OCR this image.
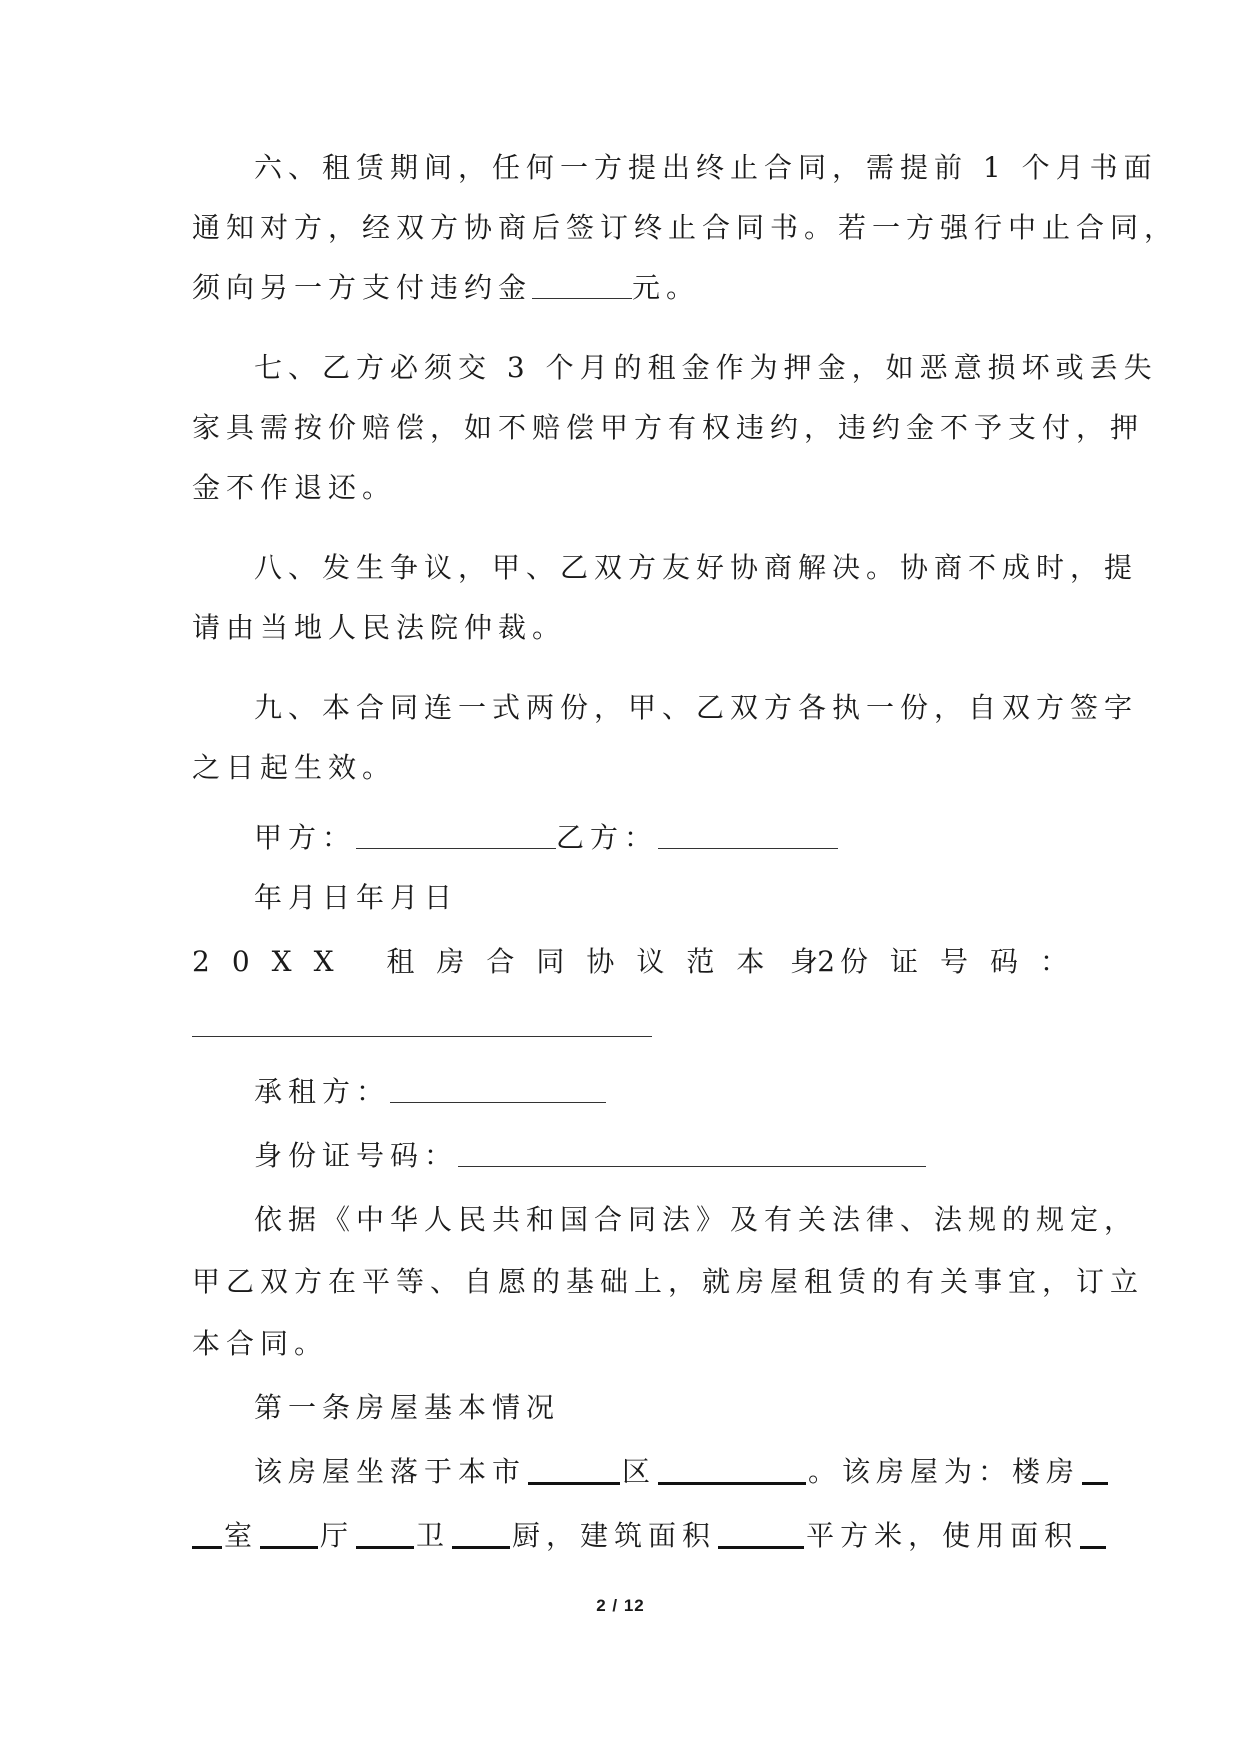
六、租赁期间，任何一方提出终止合同，需提前 1 个月书面
通知对方，经双方协商后签订终止合同书。若一方强行中止合同，
须向另一方支付违约金	元。
七、乙方必须交 3 个月的租金作为押金，如恶意损坏或丢失
家具需按价赔偿，如不赔偿甲方有权违约，违约金不予支付，押
金不作退还。
八、发生争议，甲、乙双方友好协商解决。协商不成时，提
请由当地人民法院仲裁。
九、本合同连一式两份，甲、乙双方各执一份，自双方签字
之日起生效。
甲方：	乙方：
年月日年月日
20XX 租房合同协议范本 2
身份证号码：
承租方：
身份证号码：
依据《中华人民共和国合同法》及有关法律、法规的规定，
甲乙双方在平等、自愿的基础上，就房屋租赁的有关事宜，订立
本合同。
第一条房屋基本情况
该房屋坐落于本市	区	。该房屋为：楼房
室 厅 卫 厨，建筑面积	平方米，使用面积
2 / 12
